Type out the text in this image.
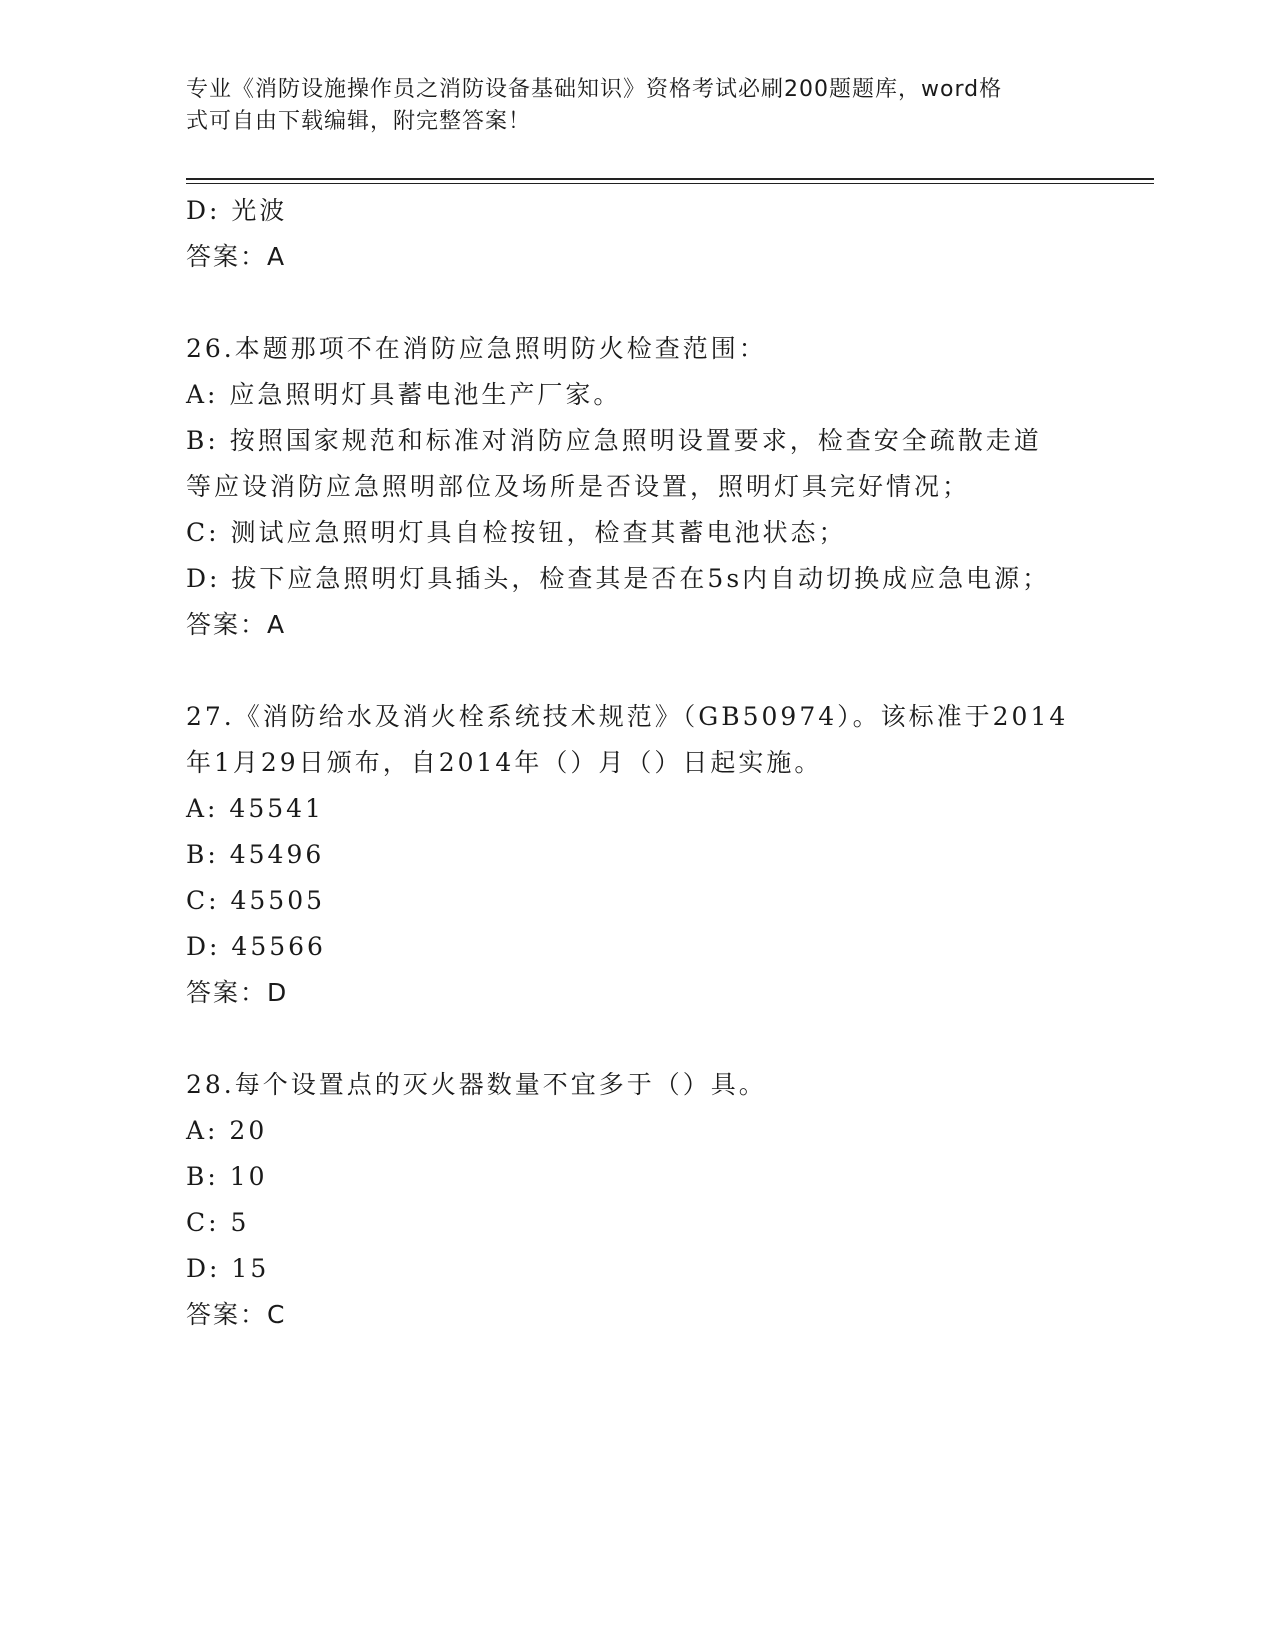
专业《消防设施操作员之消防设备基础知识》资格考试必刷200题题库，word格
式可自由下载编辑，附完整答案！
D: 光波
答案：A
26.本题那项不在消防应急照明防火检查范围：
A: 应急照明灯具蓄电池生产厂家。
B: 按照国家规范和标准对消防应急照明设置要求，检查安全疏散走道
等应设消防应急照明部位及场所是否设置，照明灯具完好情况；
C: 测试应急照明灯具自检按钮，检查其蓄电池状态；
D: 拔下应急照明灯具插头，检查其是否在5s内自动切换成应急电源；
答案：A
27.《消防给水及消火栓系统技术规范》（GB50974）。该标准于2014
年1月29日颁布，自2014年（）月（）日起实施。
A: 45541
B: 45496
C: 45505
D: 45566
答案：D
28.每个设置点的灭火器数量不宜多于（）具。
A: 20
B: 10
C: 5
D: 15
答案：C
